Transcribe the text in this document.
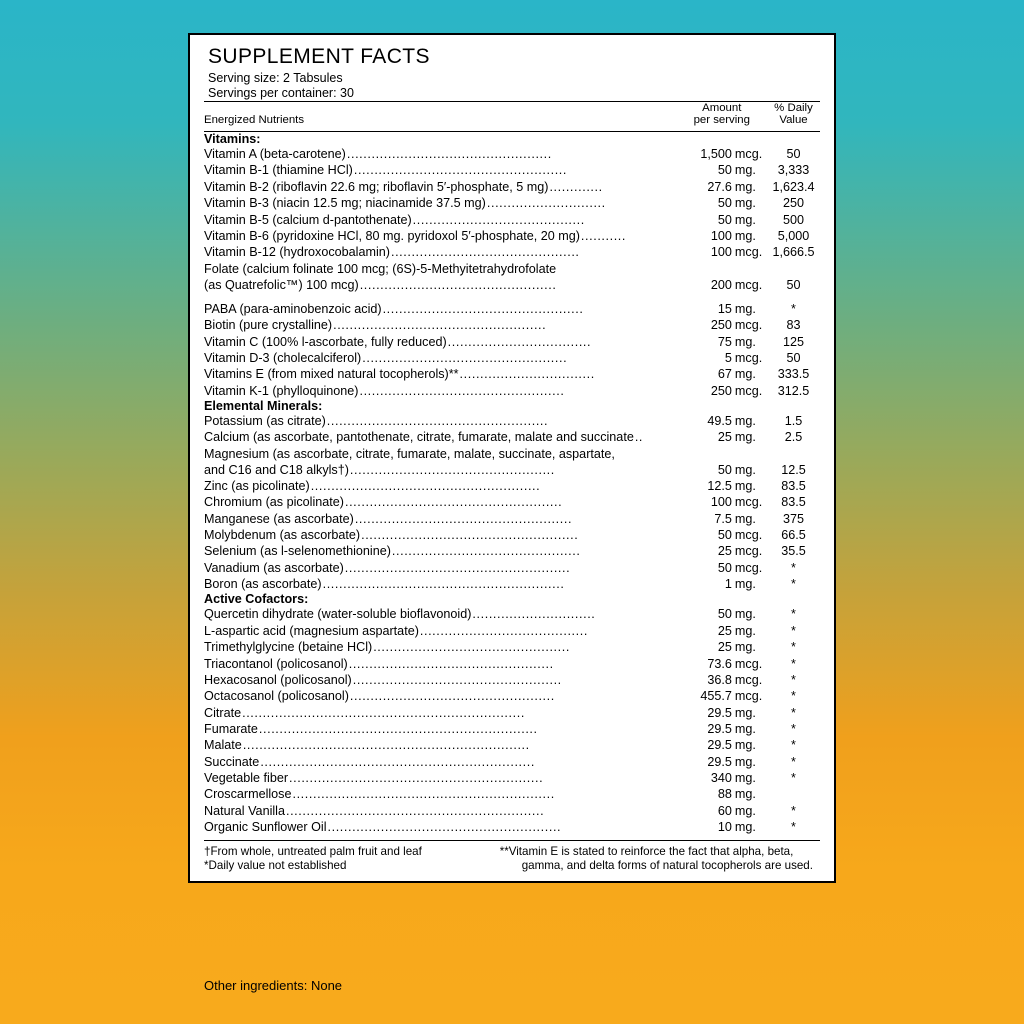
SUPPLEMENT FACTS
Serving size: 2 Tabsules
Servings per container: 30

Energized Nutrients	
Amount
per serving

% Daily
Value

Vitamins:			
Vitamin A (beta-carotene)..................................................	1,500	mcg.	50
Vitamin B-1 (thiamine HCl)....................................................	50	mg.	3,333
Vitamin B-2 (riboflavin 22.6 mg; riboflavin 5′-phosphate, 5 mg).............	27.6	mg.	1,623.4
Vitamin B-3 (niacin 12.5 mg; niacinamide 37.5 mg).............................	50	mg.	250
Vitamin B-5 (calcium d-pantothenate)..........................................	50	mg.	500
Vitamin B-6 (pyridoxine HCl, 80 mg. pyridoxol 5′-phosphate, 20 mg)...........	100	mg.	5,000
Vitamin B-12 (hydroxocobalamin)..............................................	100	mcg.	1,666.5
Folate (calcium folinate 100 mcg; (6S)-5-Methyitetrahydrofolate			
(as Quatrefolic™) 100 mcg)................................................	200	mcg.	50

PABA (para-aminobenzoic acid).................................................	15	mg.	*
Biotin (pure crystalline)....................................................	250	mcg.	83
Vitamin C (100% l-ascorbate, fully reduced)...................................	75	mg.	125
Vitamin D-3 (cholecalciferol)..................................................	5	mcg.	50
Vitamins E (from mixed natural tocopherols)**.................................	67	mg.	333.5
Vitamin K-1 (phylloquinone)..................................................	250	mcg.	312.5
Elemental Minerals:			
Potassium (as citrate)......................................................	49.5	mg.	1.5
Calcium (as ascorbate, pantothenate, citrate, fumarate, malate and succinate..	25	mg.	2.5
Magnesium (as ascorbate, citrate, fumarate, malate, succinate, aspartate,			
and C16 and C18 alkyls†)..................................................	50	mg.	12.5
Zinc (as picolinate)........................................................	12.5	mg.	83.5
Chromium (as picolinate).....................................................	100	mcg.	83.5
Manganese (as ascorbate).....................................................	7.5	mg.	375
Molybdenum (as ascorbate).....................................................	50	mcg.	66.5
Selenium (as l-selenomethionine)..............................................	25	mcg.	35.5
Vanadium (as ascorbate).......................................................	50	mcg.	*
Boron (as ascorbate)...........................................................	1	mg.	*
Active Cofactors:			
Quercetin dihydrate (water-soluble bioflavonoid)..............................	50	mg.	*
L-aspartic acid (magnesium aspartate).........................................	25	mg.	*
Trimethylglycine (betaine HCl)................................................	25	mg.	*
Triacontanol (policosanol)..................................................	73.6	mcg.	*
Hexacosanol (policosanol)...................................................	36.8	mcg.	*
Octacosanol (policosanol)..................................................	455.7	mcg.	*
Citrate.....................................................................	29.5	mg.	*
Fumarate....................................................................	29.5	mg.	*
Malate......................................................................	29.5	mg.	*
Succinate...................................................................	29.5	mg.	*
Vegetable fiber..............................................................	340	mg.	*
Croscarmellose................................................................	88	mg.	
Natural Vanilla...............................................................	60	mg.	*
Organic Sunflower Oil.........................................................	10	mg.	*

†From whole, untreated palm fruit and leaf
*Daily value not established
**Vitamin E is stated to reinforce the fact that alpha, beta,
gamma, and delta forms of natural tocopherols are used.
Other ingredients: None
